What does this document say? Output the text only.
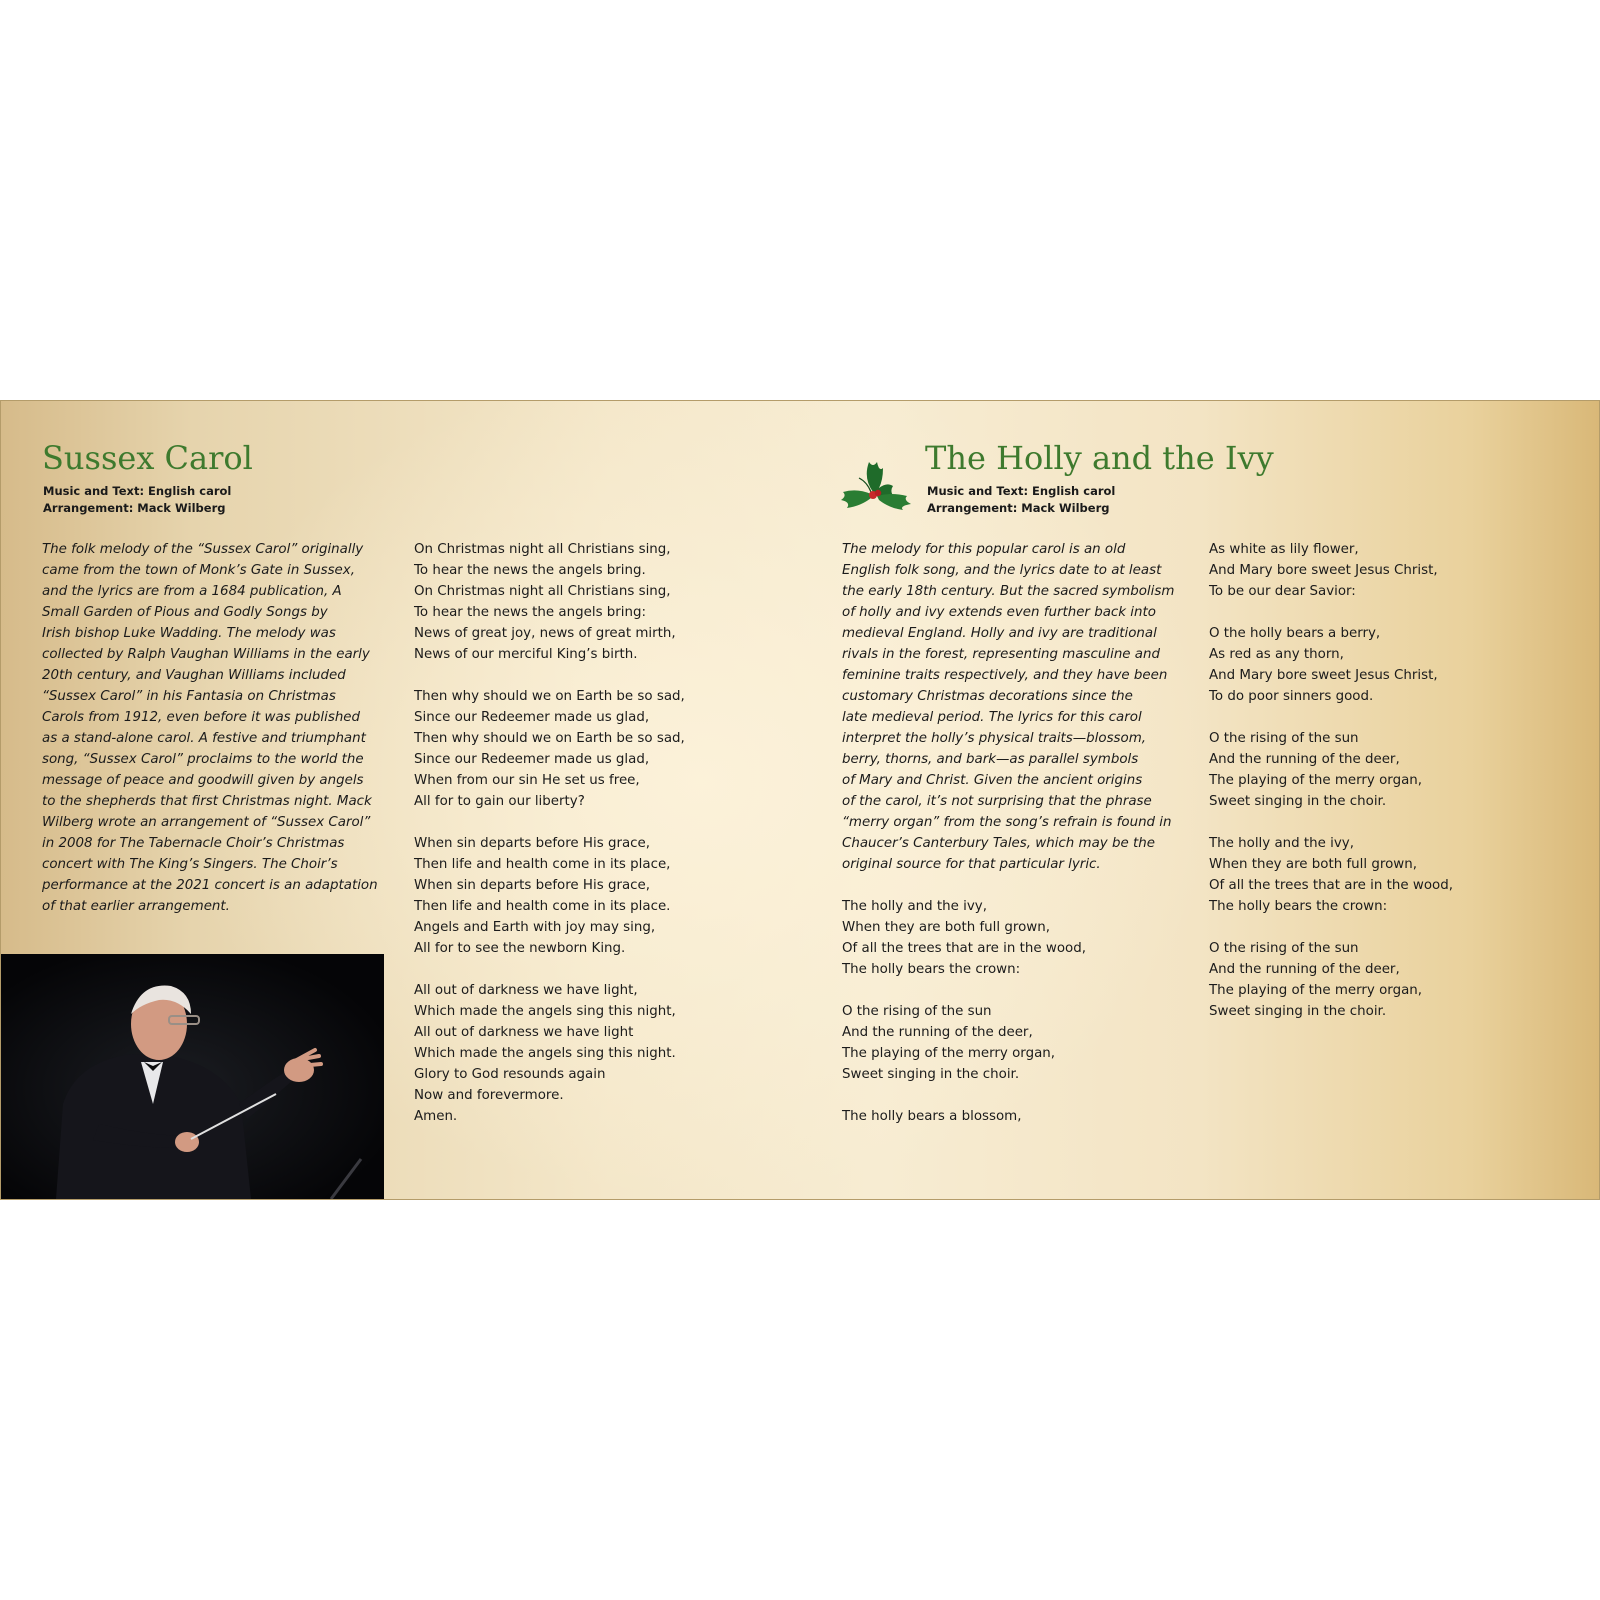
Sussex Carol
Music and Text: English carol
Arrangement: Mack Wilberg
The folk melody of the “Sussex Carol” originally
came from the town of Monk’s Gate in Sussex,
and the lyrics are from a 1684 publication, A
Small Garden of Pious and Godly Songs by
Irish bishop Luke Wadding. The melody was
collected by Ralph Vaughan Williams in the early
20th century, and Vaughan Williams included
“Sussex Carol” in his Fantasia on Christmas
Carols from 1912, even before it was published
as a stand-alone carol. A festive and triumphant
song, “Sussex Carol” proclaims to the world the
message of peace and goodwill given by angels
to the shepherds that first Christmas night. Mack
Wilberg wrote an arrangement of “Sussex Carol”
in 2008 for The Tabernacle Choir’s Christmas
concert with The King’s Singers. The Choir’s
performance at the 2021 concert is an adaptation
of that earlier arrangement.
On Christmas night all Christians sing,
To hear the news the angels bring.
On Christmas night all Christians sing,
To hear the news the angels bring:
News of great joy, news of great mirth,
News of our merciful King’s birth.
Then why should we on Earth be so sad,
Since our Redeemer made us glad,
Then why should we on Earth be so sad,
Since our Redeemer made us glad,
When from our sin He set us free,
All for to gain our liberty?
When sin departs before His grace,
Then life and health come in its place,
When sin departs before His grace,
Then life and health come in its place.
Angels and Earth with joy may sing,
All for to see the newborn King.
All out of darkness we have light,
Which made the angels sing this night,
All out of darkness we have light
Which made the angels sing this night.
Glory to God resounds again
Now and forevermore.
Amen.
The Holly and the Ivy
Music and Text: English carol
Arrangement: Mack Wilberg
The melody for this popular carol is an old
English folk song, and the lyrics date to at least
the early 18th century. But the sacred symbolism
of holly and ivy extends even further back into
medieval England. Holly and ivy are traditional
rivals in the forest, representing masculine and
feminine traits respectively, and they have been
customary Christmas decorations since the
late medieval period. The lyrics for this carol
interpret the holly’s physical traits—blossom,
berry, thorns, and bark—as parallel symbols
of Mary and Christ. Given the ancient origins
of the carol, it’s not surprising that the phrase
“merry organ” from the song’s refrain is found in
Chaucer’s Canterbury Tales, which may be the
original source for that particular lyric.
The holly and the ivy,
When they are both full grown,
Of all the trees that are in the wood,
The holly bears the crown:
O the rising of the sun
And the running of the deer,
The playing of the merry organ,
Sweet singing in the choir.
The holly bears a blossom,
As white as lily flower,
And Mary bore sweet Jesus Christ,
To be our dear Savior:
O the holly bears a berry,
As red as any thorn,
And Mary bore sweet Jesus Christ,
To do poor sinners good.
O the rising of the sun
And the running of the deer,
The playing of the merry organ,
Sweet singing in the choir.
The holly and the ivy,
When they are both full grown,
Of all the trees that are in the wood,
The holly bears the crown:
O the rising of the sun
And the running of the deer,
The playing of the merry organ,
Sweet singing in the choir.
